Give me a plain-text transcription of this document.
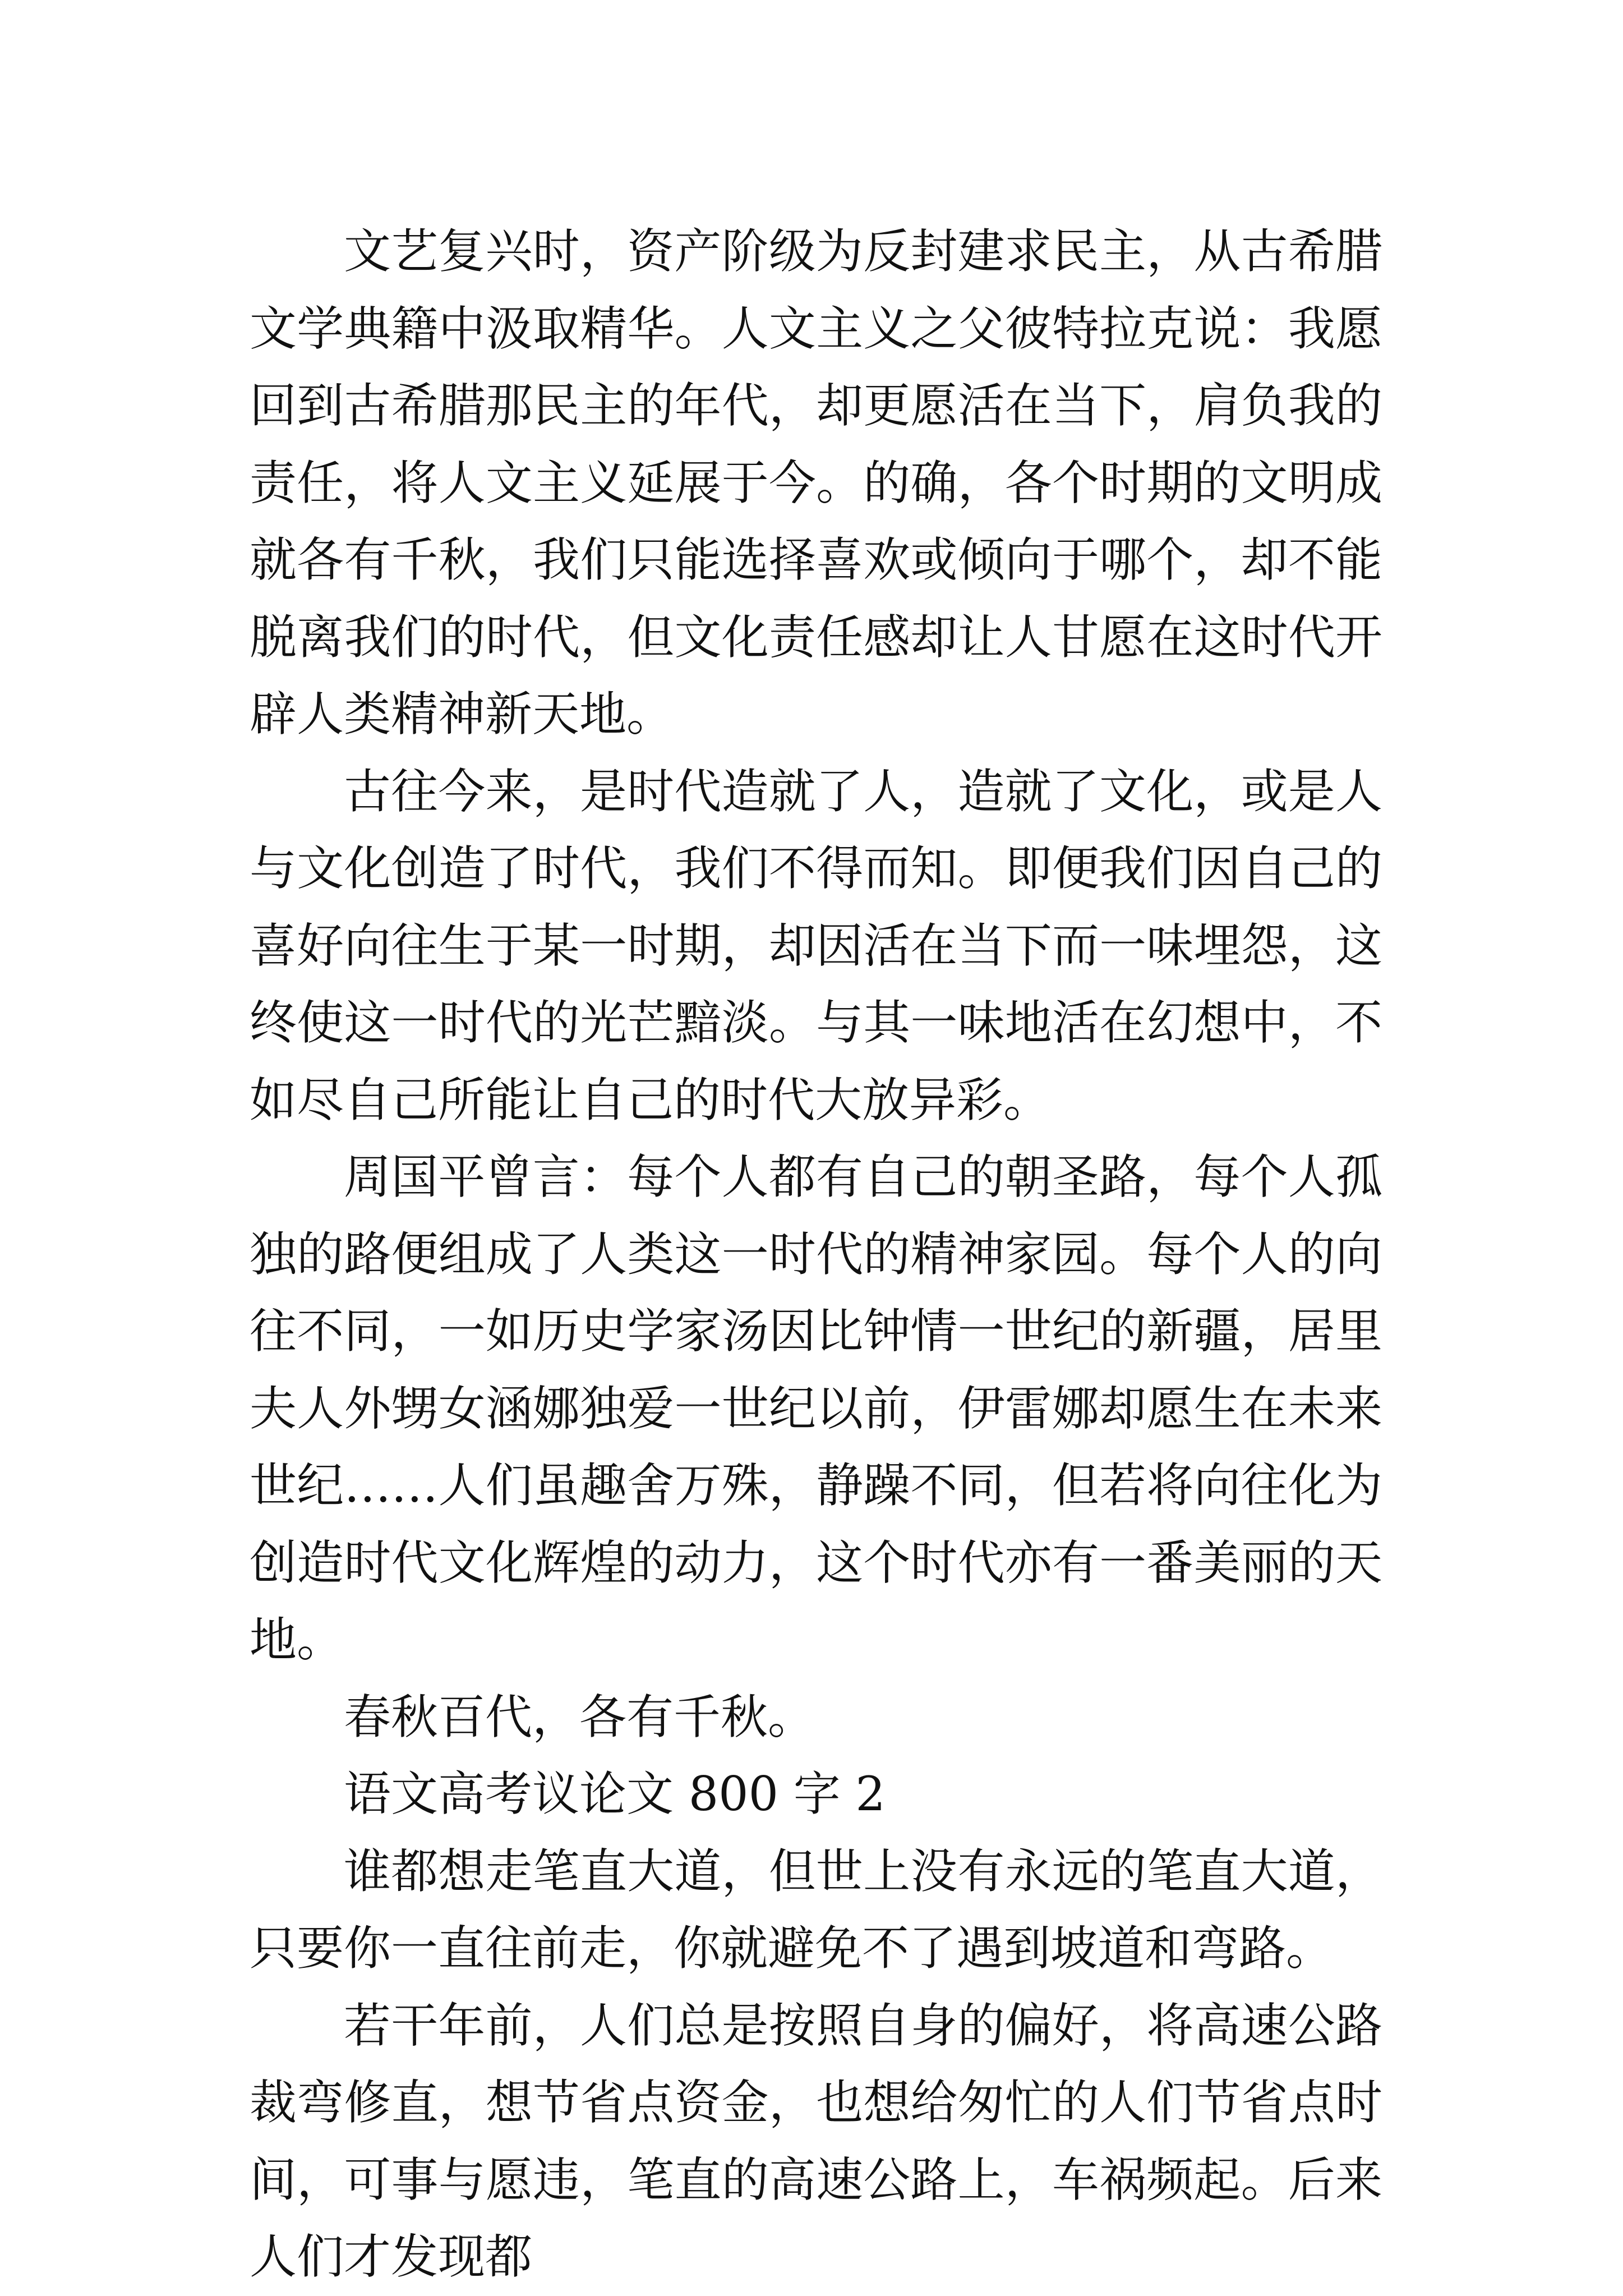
文艺复兴时，资产阶级为反封建求民主，从古希腊文学典籍中汲取精华。人文主义之父彼特拉克说：我愿回到古希腊那民主的年代，却更愿活在当下，肩负我的责任，将人文主义延展于今。的确，各个时期的文明成就各有千秋，我们只能选择喜欢或倾向于哪个，却不能脱离我们的时代，但文化责任感却让人甘愿在这时代开辟人类精神新天地。

古往今来，是时代造就了人，造就了文化，或是人与文化创造了时代，我们不得而知。即便我们因自己的喜好向往生于某一时期，却因活在当下而一味埋怨，这终使这一时代的光芒黯淡。与其一味地活在幻想中，不如尽自己所能让自己的时代大放异彩。

周国平曾言：每个人都有自己的朝圣路，每个人孤独的路便组成了人类这一时代的精神家园。每个人的向往不同，一如历史学家汤因比钟情一世纪的新疆，居里夫人外甥女涵娜独爱一世纪以前，伊雷娜却愿生在未来世纪……人们虽趣舍万殊，静躁不同，但若将向往化为创造时代文化辉煌的动力，这个时代亦有一番美丽的天地。

春秋百代，各有千秋。

语文高考议论文 800 字 2

谁都想走笔直大道，但世上没有永远的笔直大道，只要你一直往前走，你就避免不了遇到坡道和弯路。

若干年前，人们总是按照自身的偏好，将高速公路裁弯修直，想节省点资金，也想给匆忙的人们节省点时间，可事与愿违，笔直的高速公路上，车祸频起。后来人们才发现都
